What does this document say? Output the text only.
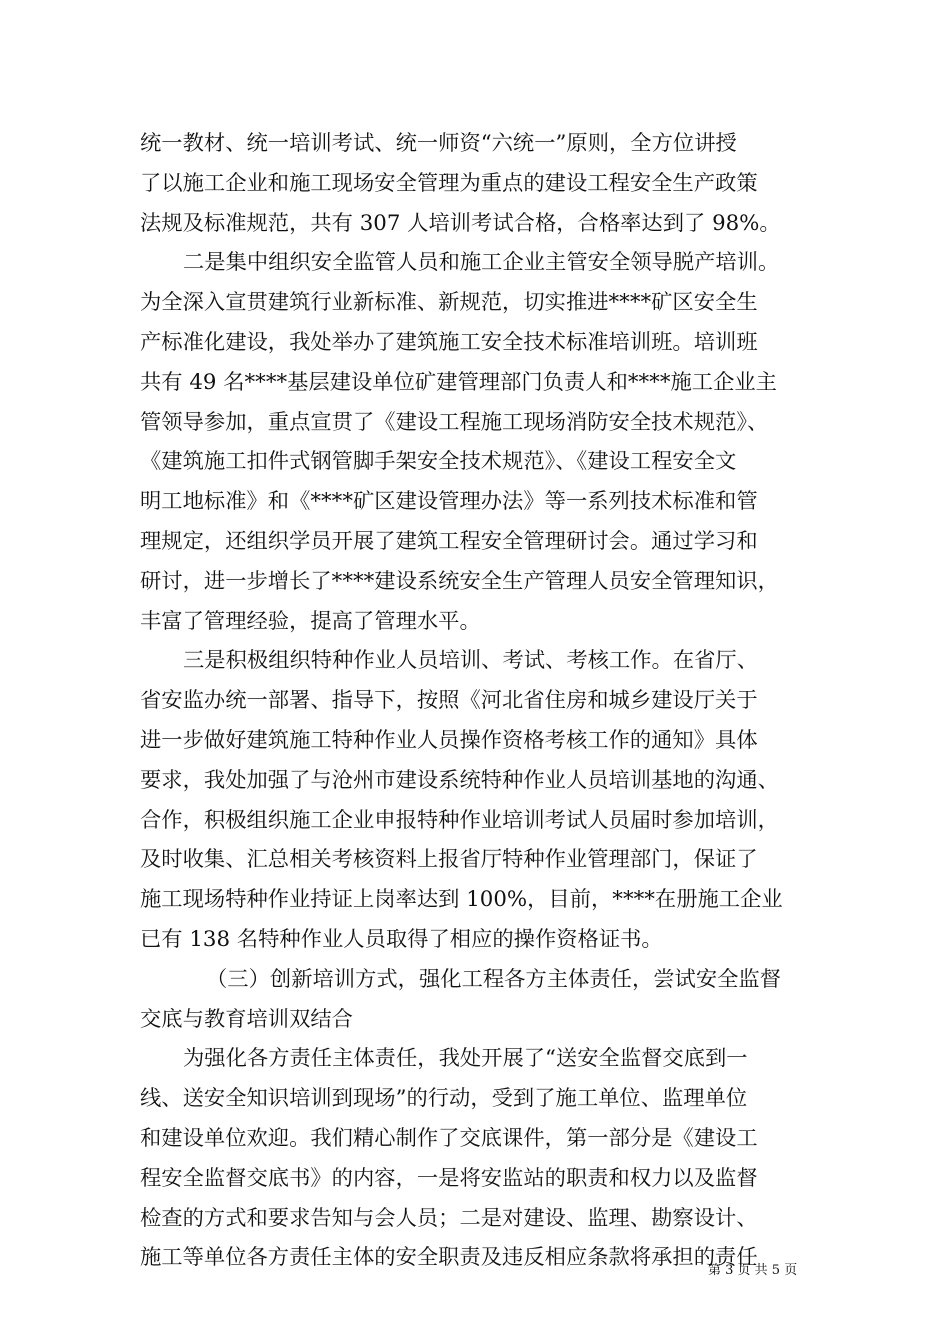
统一教材、统一培训考试、统一师资“六统一”原则，全方位讲授
了以施工企业和施工现场安全管理为重点的建设工程安全生产政策
法规及标准规范，共有 307 人培训考试合格，合格率达到了 98%。
二是集中组织安全监管人员和施工企业主管安全领导脱产培训。
为全深入宣贯建筑行业新标准、新规范，切实推进****矿区安全生
产标准化建设，我处举办了建筑施工安全技术标准培训班。培训班
共有 49 名****基层建设单位矿建管理部门负责人和****施工企业主
管领导参加，重点宣贯了《建设工程施工现场消防安全技术规范》、
《建筑施工扣件式钢管脚手架安全技术规范》、《建设工程安全文
明工地标准》和《****矿区建设管理办法》等一系列技术标准和管
理规定，还组织学员开展了建筑工程安全管理研讨会。通过学习和
研讨，进一步增长了****建设系统安全生产管理人员安全管理知识，
丰富了管理经验，提高了管理水平。
三是积极组织特种作业人员培训、考试、考核工作。在省厅、
省安监办统一部署、指导下，按照《河北省住房和城乡建设厅关于
进一步做好建筑施工特种作业人员操作资格考核工作的通知》具体
要求，我处加强了与沧州市建设系统特种作业人员培训基地的沟通、
合作，积极组织施工企业申报特种作业培训考试人员届时参加培训，
及时收集、汇总相关考核资料上报省厅特种作业管理部门，保证了
施工现场特种作业持证上岗率达到 100%，目前，****在册施工企业
已有 138 名特种作业人员取得了相应的操作资格证书。
（三）创新培训方式，强化工程各方主体责任，尝试安全监督
交底与教育培训双结合
为强化各方责任主体责任，我处开展了“送安全监督交底到一
线、送安全知识培训到现场”的行动，受到了施工单位、监理单位
和建设单位欢迎。我们精心制作了交底课件，第一部分是《建设工
程安全监督交底书》的内容，一是将安监站的职责和权力以及监督
检查的方式和要求告知与会人员；二是对建设、监理、勘察设计、
施工等单位各方责任主体的安全职责及违反相应条款将承担的责任
第 3 页 共 5 页
